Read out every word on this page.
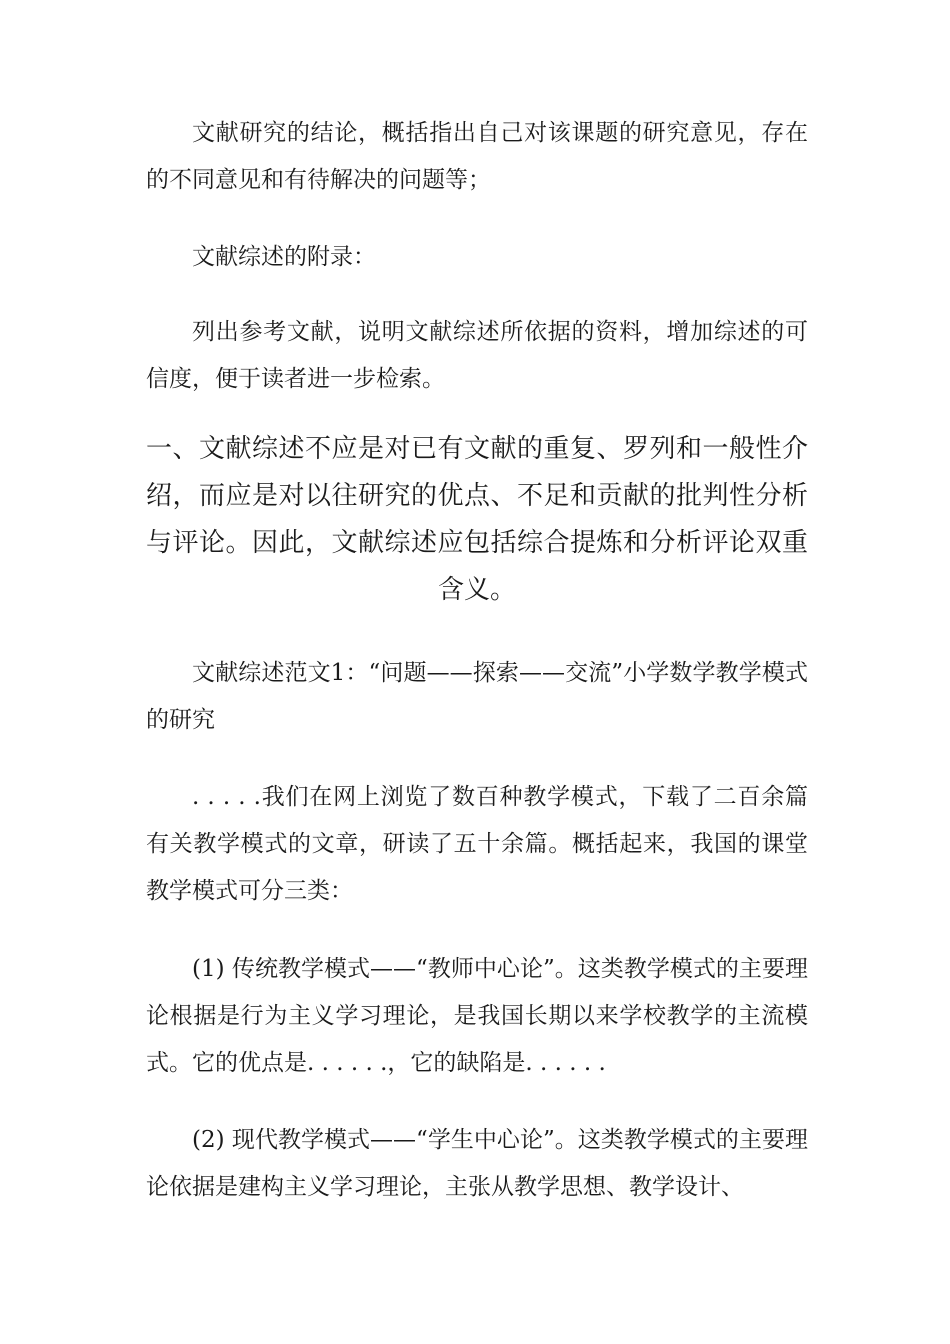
文献研究的结论，概括指出自己对该课题的研究意见，存在的不同意见和有待解决的问题等；

文献综述的附录：

列出参考文献，说明文献综述所依据的资料，增加综述的可信度，便于读者进一步检索。

一、文献综述不应是对已有文献的重复、罗列和一般性介绍，而应是对以往研究的优点、不足和贡献的批判性分析与评论。因此，文献综述应包括综合提炼和分析评论双重含义。

文献综述范文1：“问题——探索——交流”小学数学教学模式的研究

. . . . .我们在网上浏览了数百种教学模式，下载了二百余篇有关教学模式的文章，研读了五十余篇。概括起来，我国的课堂教学模式可分三类：

(1) 传统教学模式——“教师中心论”。这类教学模式的主要理论根据是行为主义学习理论，是我国长期以来学校教学的主流模式。它的优点是. . . . . .，它的缺陷是. . . . . .

(2) 现代教学模式——“学生中心论”。这类教学模式的主要理论依据是建构主义学习理论，主张从教学思想、教学设计、
